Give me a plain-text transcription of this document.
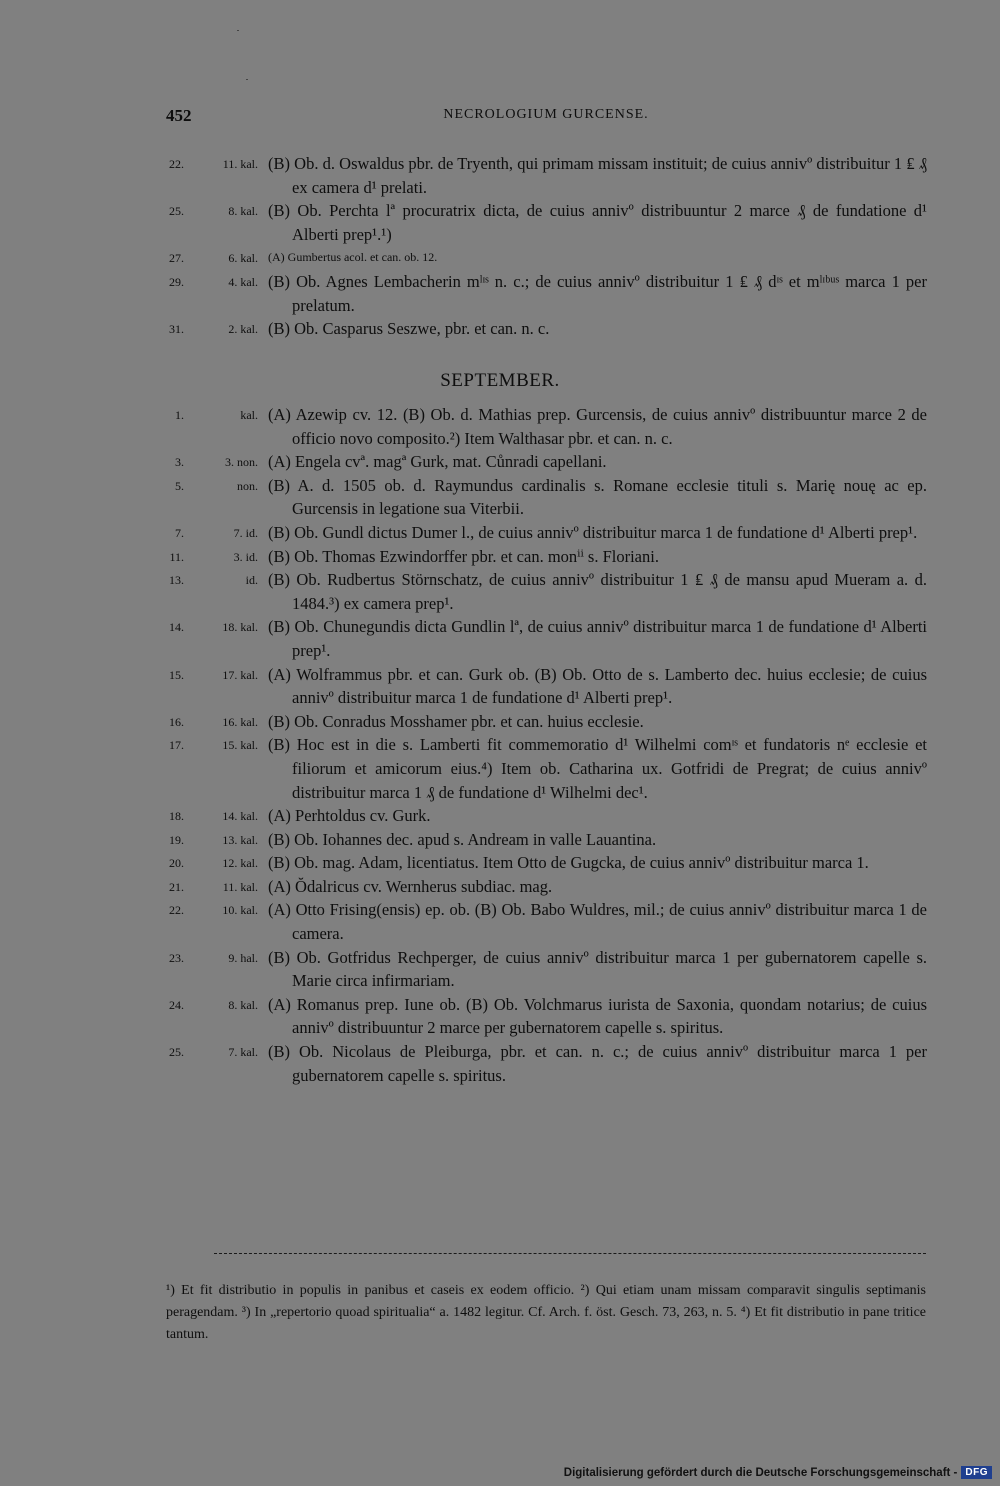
452	NECROLOGIUM GURCENSE.
22.	11. kal. (B) Ob. d. Oswaldus pbr. de Tryenth, qui primam missam instituit; de cuius annivº distribuitur 1 ₤ ₰ ex camera d¹ prelati.
25.	8. kal. (B) Ob. Perchta lª procuratrix dicta, de cuius annivº distribuuntur 2 marce ₰ de fundatione d¹ Alberti prep¹.¹)
27.	6. kal. (A) Gumbertus acol. et can. ob. 12.
29.	4. kal. (B) Ob. Agnes Lembacherin mˡᶦˢ n. c.; de cuius annivº distribuitur 1 ₤ ₰ dᶦˢ et mˡᶦᵇᵘˢ marca 1 per prelatum.
31.	2. kal. (B) Ob. Casparus Seszwe, pbr. et can. n. c.
SEPTEMBER.
1.	kal. (A) Azewip cv. 12. (B) Ob. d. Mathias prep. Gurcensis, de cuius annivº distribuuntur marce 2 de officio novo composito.²) Item Walthasar pbr. et can. n. c.
3.	3. non. (A) Engela cvª. magª Gurk, mat. Cůnradi capellani.
5.	non. (B) A. d. 1505 ob. d. Raymundus cardinalis s. Romane ecclesie tituli s. Marię nouę ac ep. Gurcensis in legatione sua Viterbii.
7.	7. id. (B) Ob. Gundl dictus Dumer l., de cuius annivº distribuitur marca 1 de fundatione d¹ Alberti prep¹.
11.	3. id. (B) Ob. Thomas Ezwindorffer pbr. et can. monⁱⁱ s. Floriani.
13.	id. (B) Ob. Rudbertus Störnschatz, de cuius annivº distribuitur 1 ₤ ₰ de mansu apud Mueram a. d. 1484.³) ex camera prep¹.
14.	18. kal. (B) Ob. Chunegundis dicta Gundlin lª, de cuius annivº distribuitur marca 1 de fundatione d¹ Alberti prep¹.
15.	17. kal. (A) Wolframmus pbr. et can. Gurk ob. (B) Ob. Otto de s. Lamberto dec. huius ecclesie; de cuius annivº distribuitur marca 1 de fundatione d¹ Alberti prep¹.
16.	16. kal. (B) Ob. Conradus Mosshamer pbr. et can. huius ecclesie.
17.	15. kal. (B) Hoc est in die s. Lamberti fit commemoratio d¹ Wilhelmi comᶦˢ et fundatoris nᵉ ecclesie et filiorum et amicorum eius.⁴) Item ob. Catharina ux. Gotfridi de Pregrat; de cuius annivº distribuitur marca 1 ₰ de fundatione d¹ Wilhelmi dec¹.
18.	14. kal. (A) Perhtoldus cv. Gurk.
19.	13. kal. (B) Ob. Iohannes dec. apud s. Andream in valle Lauantina.
20.	12. kal. (B) Ob. mag. Adam, licentiatus. Item Otto de Gugcka, de cuius annivº distribuitur marca 1.
21.	11. kal. (A) Ŏdalricus cv. Wernherus subdiac. mag.
22.	10. kal. (A) Otto Frising(ensis) ep. ob. (B) Ob. Babo Wuldres, mil.; de cuius annivº distribuitur marca 1 de camera.
23.	9. hal. (B) Ob. Gotfridus Rechperger, de cuius annivº distribuitur marca 1 per gubernatorem capelle s. Marie circa infirmariam.
24.	8. kal. (A) Romanus prep. Iune ob. (B) Ob. Volchmarus iurista de Saxonia, quondam notarius; de cuius annivº distribuuntur 2 marce per gubernatorem capelle s. spiritus.
25.	7. kal. (B) Ob. Nicolaus de Pleiburga, pbr. et can. n. c.; de cuius annivº distribuitur marca 1 per gubernatorem capelle s. spiritus.
¹) Et fit distributio in populis in panibus et caseis ex eodem officio. ²) Qui etiam unam missam comparavit singulis septimanis peragendam. ³) In „repertorio quoad spiritualia“ a. 1482 legitur. Cf. Arch. f. öst. Gesch. 73, 263, n. 5. ⁴) Et fit distributio in pane tritice tantum.
Digitalisierung gefördert durch die Deutsche Forschungsgemeinschaft - DFG
